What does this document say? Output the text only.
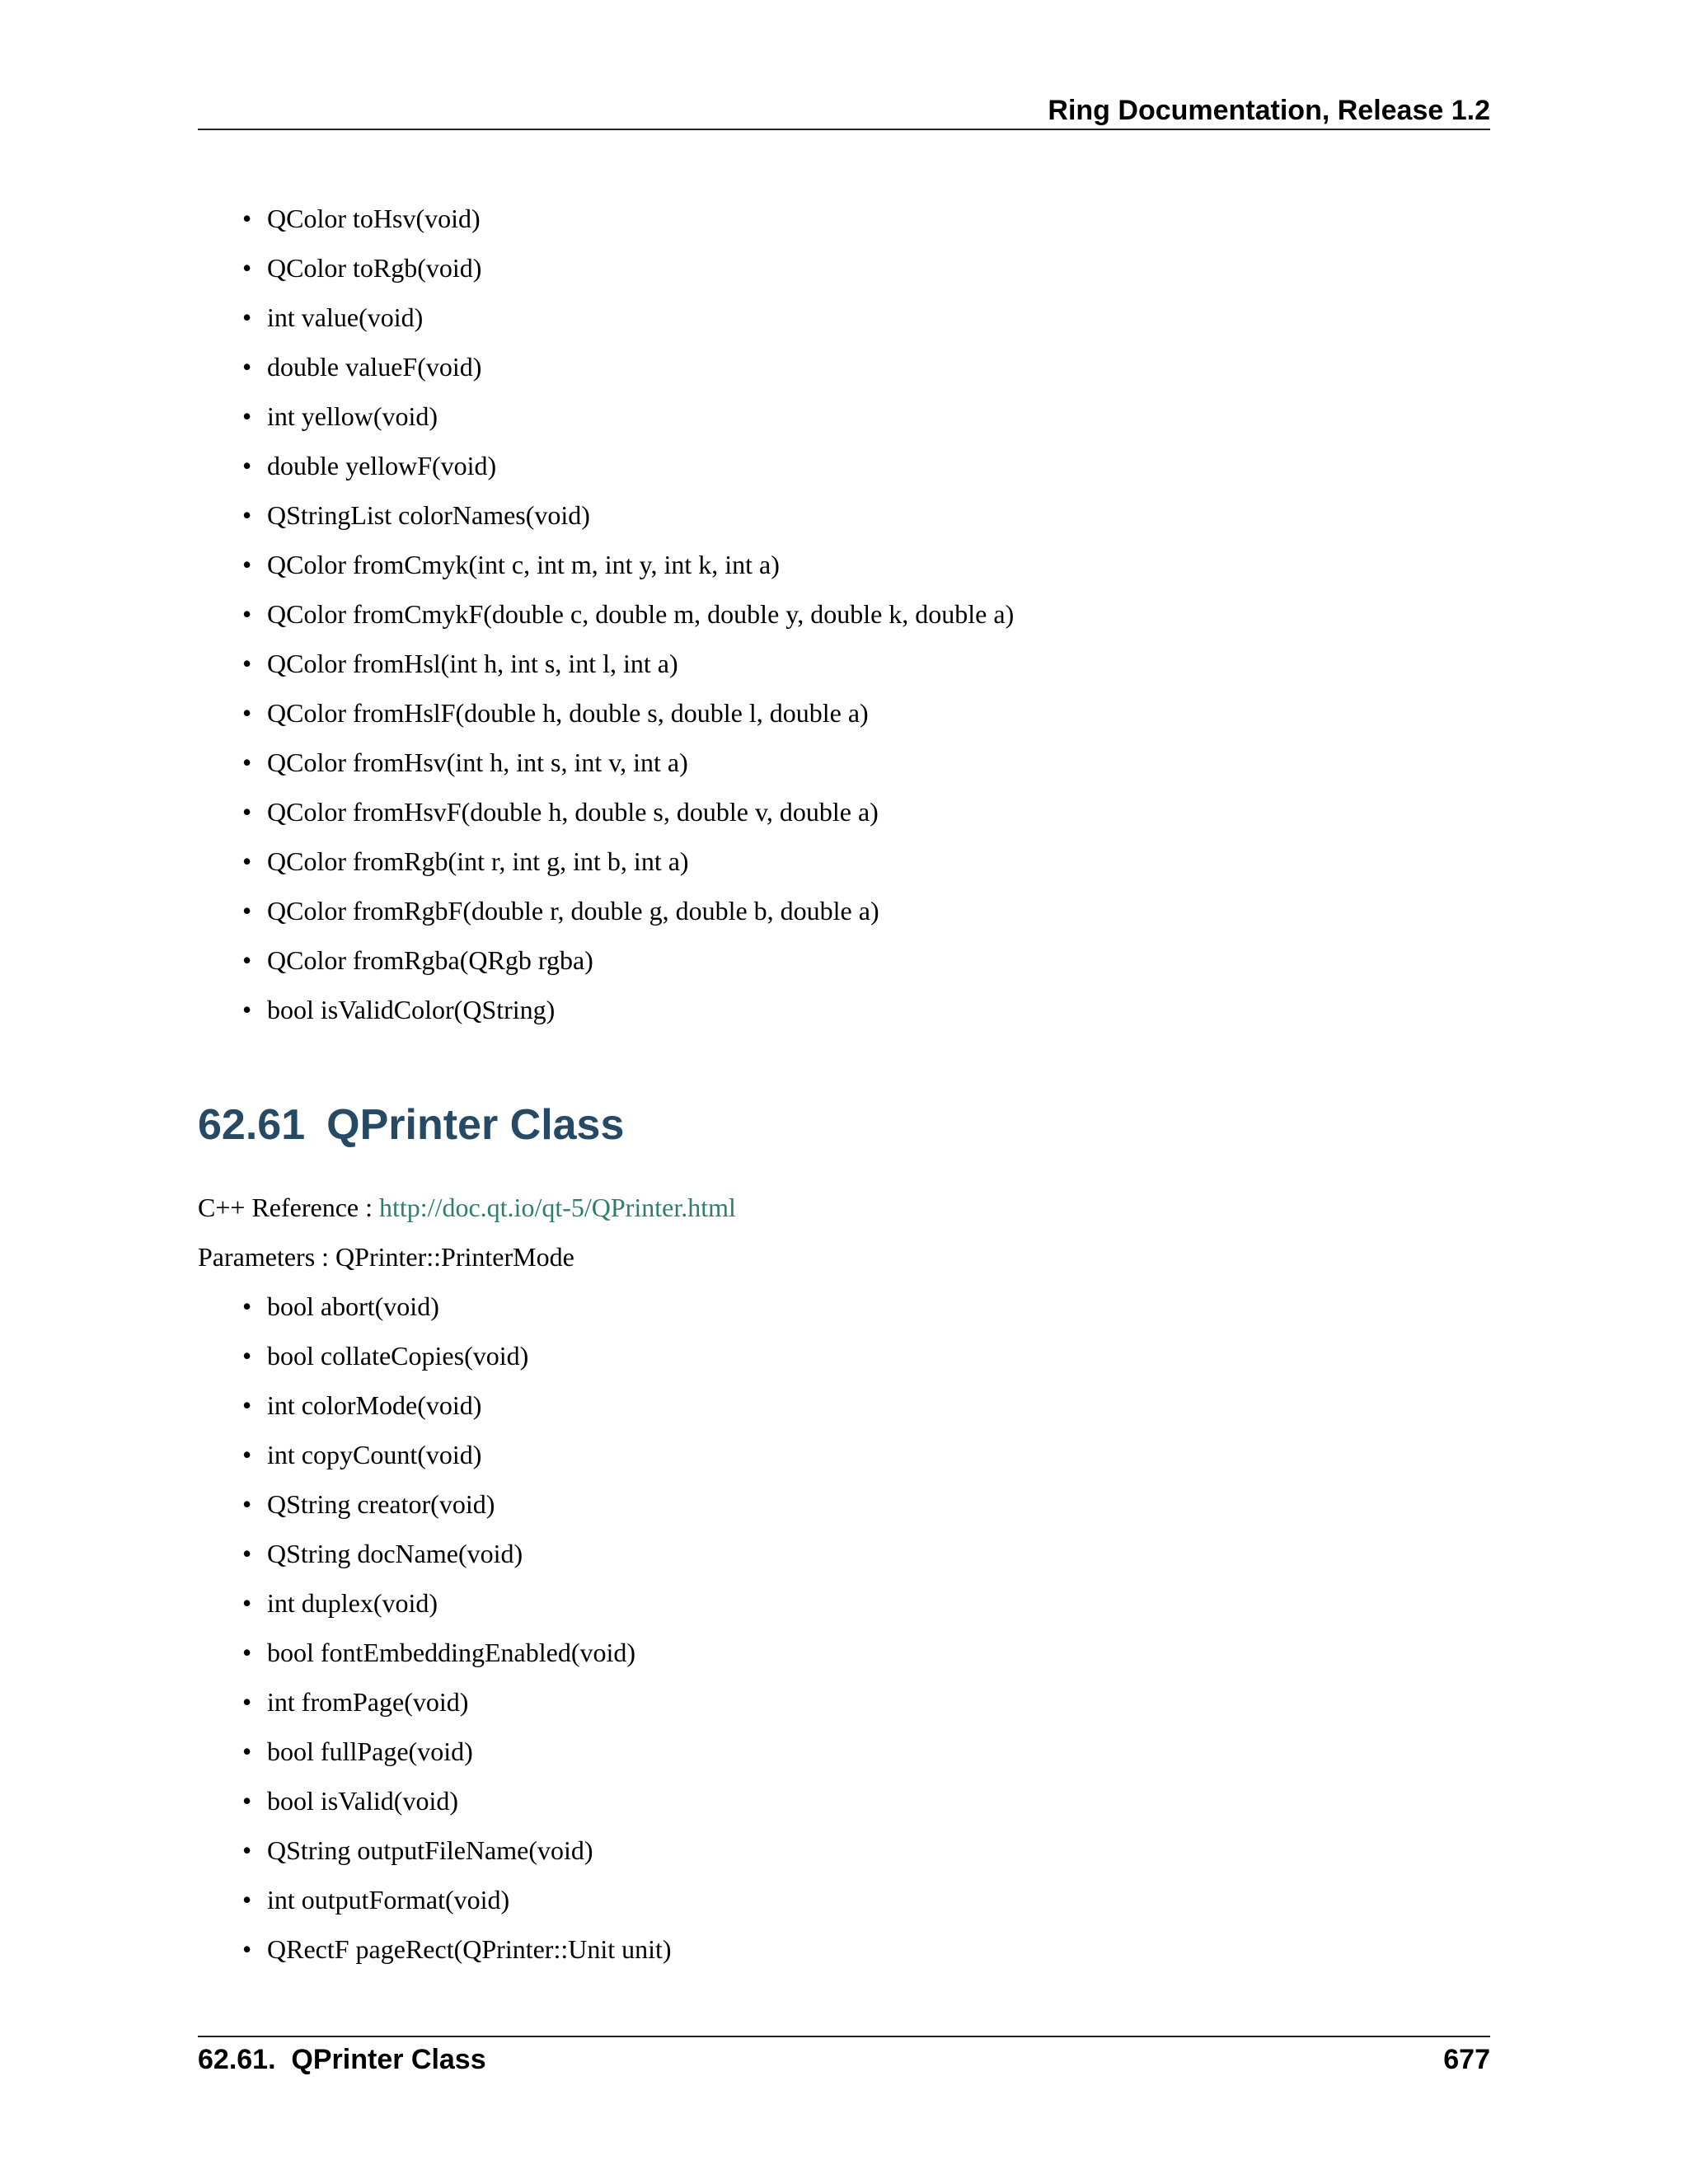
Ring Documentation, Release 1.2
• QColor toHsv(void)
• QColor toRgb(void)
• int value(void)
• double valueF(void)
• int yellow(void)
• double yellowF(void)
• QStringList colorNames(void)
• QColor fromCmyk(int c, int m, int y, int k, int a)
• QColor fromCmykF(double c, double m, double y, double k, double a)
• QColor fromHsl(int h, int s, int l, int a)
• QColor fromHslF(double h, double s, double l, double a)
• QColor fromHsv(int h, int s, int v, int a)
• QColor fromHsvF(double h, double s, double v, double a)
• QColor fromRgb(int r, int g, int b, int a)
• QColor fromRgbF(double r, double g, double b, double a)
• QColor fromRgba(QRgb rgba)
• bool isValidColor(QString)
62.61 QPrinter Class
C++ Reference : http://doc.qt.io/qt-5/QPrinter.html
Parameters : QPrinter::PrinterMode
• bool abort(void)
• bool collateCopies(void)
• int colorMode(void)
• int copyCount(void)
• QString creator(void)
• QString docName(void)
• int duplex(void)
• bool fontEmbeddingEnabled(void)
• int fromPage(void)
• bool fullPage(void)
• bool isValid(void)
• QString outputFileName(void)
• int outputFormat(void)
• QRectF pageRect(QPrinter::Unit unit)
62.61.  QPrinter Class	677
